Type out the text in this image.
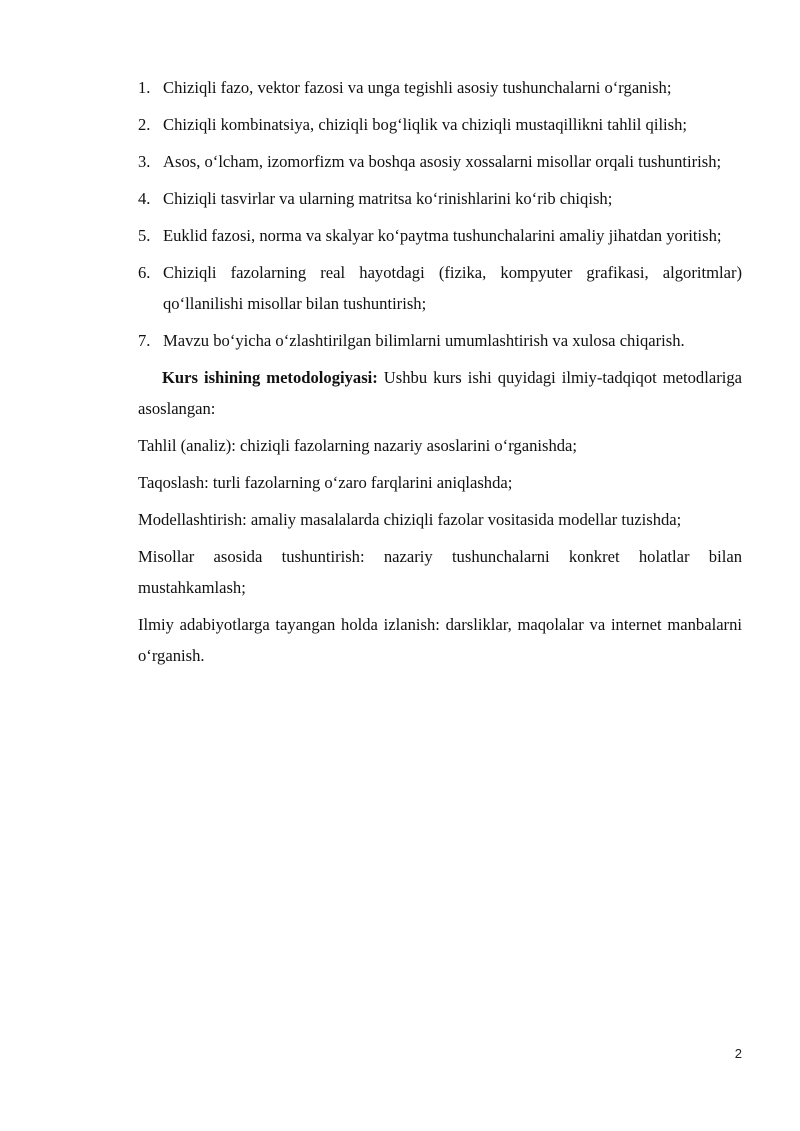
1. Chiziqli fazo, vektor fazosi va unga tegishli asosiy tushunchalarni o‘rganish;
2. Chiziqli kombinatsiya, chiziqli bog‘liqlik va chiziqli mustaqillikni tahlil qilish;
3. Asos, o‘lcham, izomorfizm va boshqa asosiy xossalarni misollar orqali tushuntirish;
4. Chiziqli tasvirlar va ularning matritsa ko‘rinishlarini ko‘rib chiqish;
5. Euklid fazosi, norma va skalyar ko‘paytma tushunchalarini amaliy jihatdan yoritish;
6. Chiziqli fazolarning real hayotdagi (fizika, kompyuter grafikasi, algoritmlar) qo‘llanilishi misollar bilan tushuntirish;
7. Mavzu bo‘yicha o‘zlashtirilgan bilimlarni umumlashtirish va xulosa chiqarish.

Kurs ishining metodologiyasi: Ushbu kurs ishi quyidagi ilmiy-tadqiqot metodlariga asoslangan:

Tahlil (analiz): chiziqli fazolarning nazariy asoslarini o‘rganishda;

Taqoslash: turli fazolarning o‘zaro farqlarini aniqlashda;

Modellashtirish: amaliy masalalarda chiziqli fazolar vositasida modellar tuzishda;

Misollar asosida tushuntirish: nazariy tushunchalarni konkret holatlar bilan mustahkamlash;

Ilmiy adabiyotlarga tayangan holda izlanish: darsliklar, maqolalar va internet manbalarni o‘rganish.

2
